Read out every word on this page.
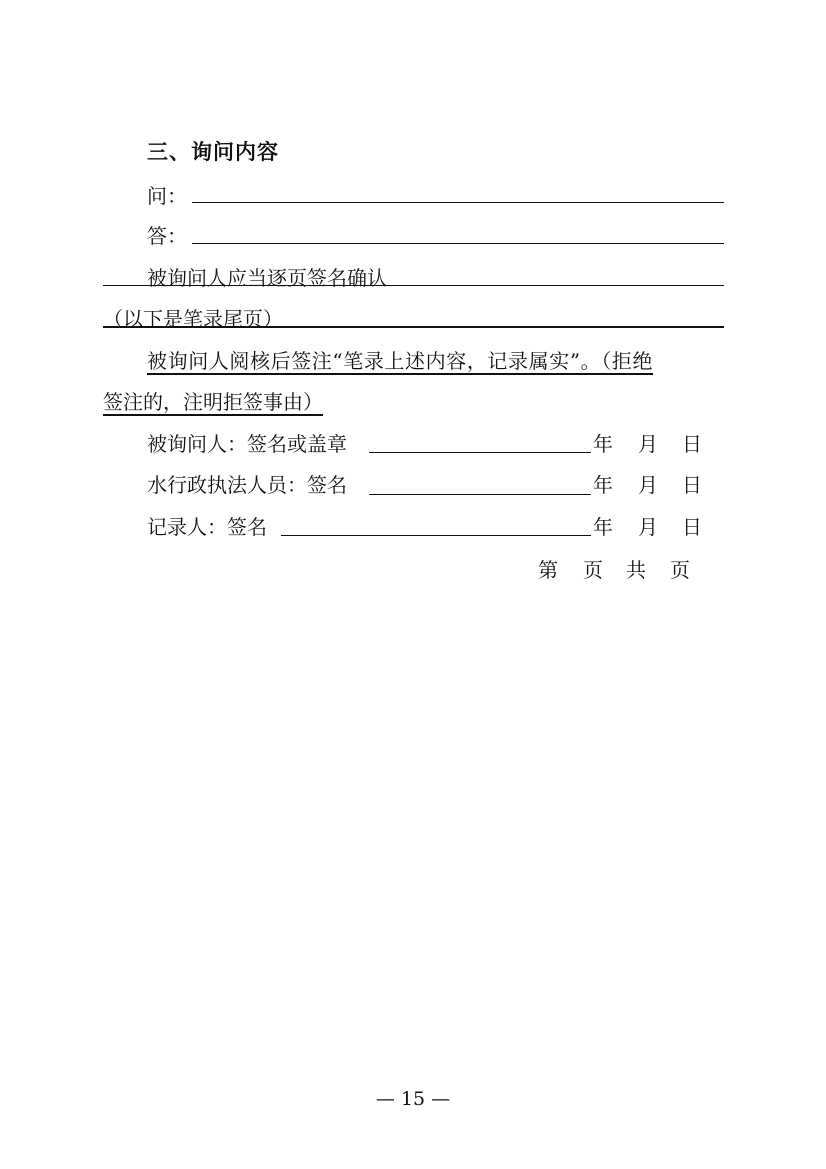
三、询问内容
问：
答：
被询问人应当逐页签名确认
（以下是笔录尾页）
被询问人阅核后签注“笔录上述内容，记录属实”。（拒绝
签注的，注明拒签事由）
被询问人：签名或盖章	年 月 日
水行政执法人员：签名	年 月 日
记录人：签名	年 月 日
第 页 共 页
— 15 —
